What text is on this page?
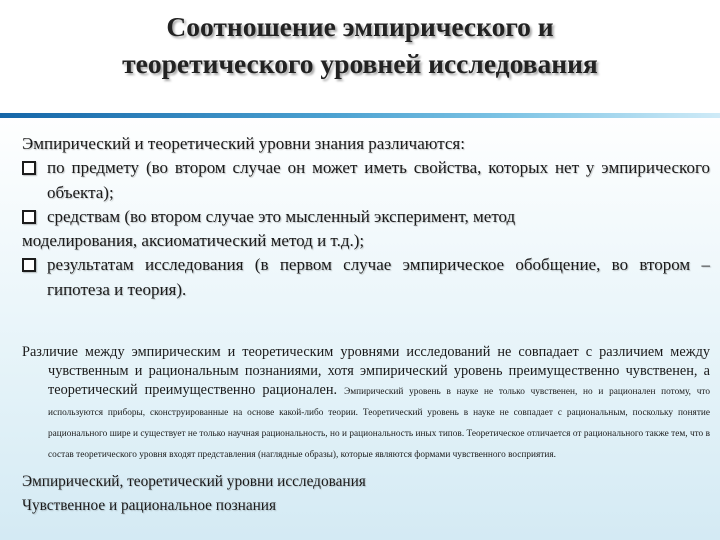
Соотношение эмпирического и
теоретического уровней исследования
Эмпирический и теоретический уровни знания различаются:
по предмету (во втором случае он может иметь свойства, которых нет у эмпирического объекта);
средствам (во втором случае это мысленный эксперимент, метод
моделирования, аксиоматический метод и т.д.);
результатам исследования (в первом случае эмпирическое обобщение, во втором – гипотеза и теория).
Различие между эмпирическим и теоретическим уровнями исследований не совпадает с различием между чувственным и рациональным познаниями, хотя эмпирический уровень преимущественно чувственен, а теоретический преимущественно рационален. Эмпирический уровень в науке не только чувственен, но и рационален потому, что используются приборы, сконструированные на основе какой-либо теории. Теоретический уровень в науке не совпадает с рациональным, поскольку понятие рационального шире и существует не только научная рациональность, но и рациональность иных типов. Теоретическое отличается от рационального также тем, что в состав теоретического уровня входят представления (наглядные образы), которые являются формами чувственного восприятия.
Эмпирический, теоретический уровни исследования
Чувственное и рациональное познания
